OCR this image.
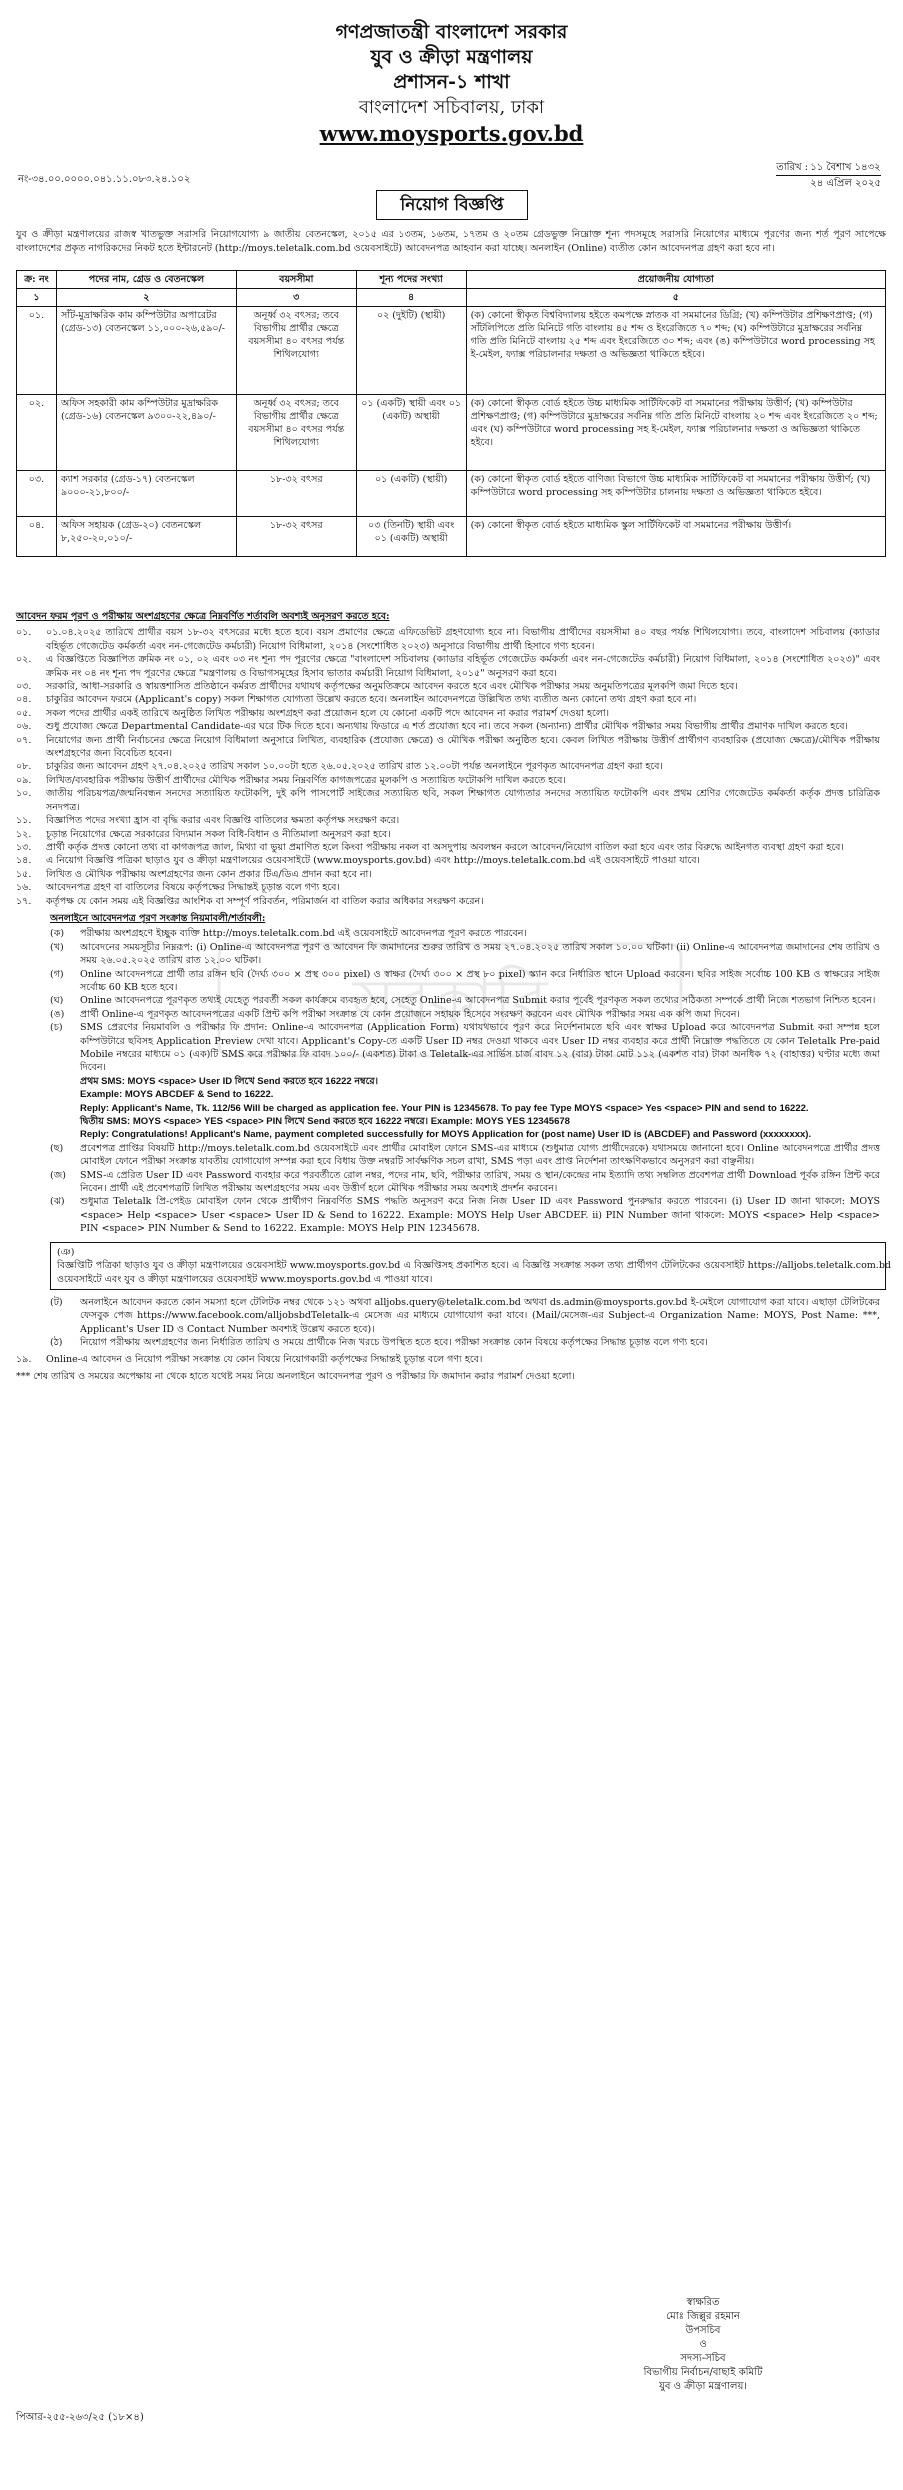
গণপ্রজাতন্ত্রী বাংলাদেশ সরকার
যুব ও ক্রীড়া মন্ত্রণালয়
প্রশাসন-১ শাখা
বাংলাদেশ সচিবালয়, ঢাকা
www.moysports.gov.bd
নং-৩৪.০০.০০০০.০৪১.১১.০৮৩.২৪.১০২
তারিখ : ১১ বৈশাখ ১৪৩২
২৪ এপ্রিল ২০২৫
নিয়োগ বিজ্ঞপ্তি
যুব ও ক্রীড়া মন্ত্রণালয়ের রাজস্ব খাতভুক্ত সরাসরি নিয়োগযোগ্য ৯ জাতীয় বেতনস্কেল, ২০১৫ এর ১৩তম, ১৬তম, ১৭তম ও ২০তম গ্রেডভুক্ত নিম্নোক্ত শূন্য পদসমূহে সরাসরি নিয়োগের মাধ্যমে পূরণের জন্য শর্ত পূরণ সাপেক্ষে বাংলাদেশের প্রকৃত নাগরিকদের নিকট হতে ইন্টারনেট (http://moys.teletalk.com.bd ওয়েবসাইটে) আবেদনপত্র আহবান করা যাচ্ছে। অনলাইন (Online) ব্যতীত কোন আবেদনপত্র গ্রহণ করা হবে না।
ক্র: নং	পদের নাম, গ্রেড ও বেতনস্কেল	বয়সসীমা	শূন্য পদের সংখ্যা	প্রয়োজনীয় যোগ্যতা
১	২	৩	৪	৫
০১.	সাঁট-মুদ্রাক্ষরিক কাম কম্পিউটার অপারেটর (গ্রেড-১৩) বেতনস্কেল ১১,০০০-২৬,৫৯০/-	অনূর্ধ্ব ৩২ বৎসর; তবে বিভাগীয় প্রার্থীর ক্ষেত্রে বয়সসীমা ৪০ বৎসর পর্যন্ত শিথিলযোগ্য	০২ (দুইটি) (স্থায়ী)	(ক) কোনো স্বীকৃত বিশ্ববিদ্যালয় হইতে কমপক্ষে স্নাতক বা সমমানের ডিগ্রি; (খ) কম্পিউটার প্রশিক্ষণপ্রাপ্ত; (গ) সাঁটলিপিতে প্রতি মিনিটে গতি বাংলায় ৪৫ শব্দ ও ইংরেজিতে ৭০ শব্দ; (ঘ) কম্পিউটারে মুদ্রাক্ষরের সর্বনিম্ন গতি প্রতি মিনিটে বাংলায় ২৫ শব্দ এবং ইংরেজিতে ৩০ শব্দ; এবং (ঙ) কম্পিউটারে word processing সহ ই-মেইল, ফ্যাক্স পরিচালনার দক্ষতা ও অভিজ্ঞতা থাকিতে হইবে।
০২.	অফিস সহকারী কাম কম্পিউটার মুদ্রাক্ষরিক (গ্রেড-১৬) বেতনস্কেল ৯৩০০-২২,৪৯০/-	অনূর্ধ্ব ৩২ বৎসর; তবে বিভাগীয় প্রার্থীর ক্ষেত্রে বয়সসীমা ৪০ বৎসর পর্যন্ত শিথিলযোগ্য	০১ (একটি) স্থায়ী এবং ০১ (একটি) অস্থায়ী	(ক) কোনো স্বীকৃত বোর্ড হইতে উচ্চ মাধ্যমিক সার্টিফিকেট বা সমমানের পরীক্ষায় উত্তীর্ণ; (খ) কম্পিউটার প্রশিক্ষণপ্রাপ্ত; (গ) কম্পিউটারে মুদ্রাক্ষরের সর্বনিম্ন গতি প্রতি মিনিটে বাংলায় ২০ শব্দ এবং ইংরেজিতে ২০ শব্দ; এবং (ঘ) কম্পিউটারে word processing সহ ই-মেইল, ফ্যাক্স পরিচালনার দক্ষতা ও অভিজ্ঞতা থাকিতে হইবে।
০৩.	ক্যাশ সরকার (গ্রেড-১৭) বেতনস্কেল ৯০০০-২১,৮০০/-	১৮-৩২ বৎসর	০১ (একটি) (স্থায়ী)	(ক) কোনো স্বীকৃত বোর্ড হইতে বাণিজ্য বিভাগে উচ্চ মাধ্যমিক সার্টিফিকেট বা সমমানের পরীক্ষায় উত্তীর্ণ; (খ) কম্পিউটারে word processing সহ কম্পিউটার চালনায় দক্ষতা ও অভিজ্ঞতা থাকিতে হইবে।
০৪.	অফিস সহায়ক (গ্রেড-২০) বেতনস্কেল ৮,২৫০-২০,০১০/-	১৮-৩২ বৎসর	০৩ (তিনটি) স্থায়ী এবং ০১ (একটি) অস্থায়ী	(ক) কোনো স্বীকৃত বোর্ড হইতে মাধ্যমিক স্কুল সার্টিফিকেট বা সমমানের পরীক্ষায় উত্তীর্ণ।
সরকারি

আবেদন ফরম পূরণ ও পরীক্ষায় অংশগ্রহণের ক্ষেত্রে নিম্নবর্ণিত শর্তাবলি অবশ্যই অনুসরণ করতে হবে:

০১. ০১.০৪.২০২৫ তারিখে প্রার্থীর বয়স ১৮-৩২ বৎসরের মধ্যে হতে হবে। বয়স প্রমাণের ক্ষেত্রে এফিডেভিট গ্রহণযোগ্য হবে না। বিভাগীয় প্রার্থীদের বয়সসীমা ৪০ বছর পর্যন্ত শিথিলযোগ্য। তবে, বাংলাদেশ সচিবালয় (ক্যাডার বহির্ভূত গেজেটেড কর্মকর্তা এবং নন-গেজেটেড কর্মচারী) নিয়োগ বিধিমালা, ২০১৪ (সংশোধিত ২০২৩) অনুসারে বিভাগীয় প্রার্থী হিসাবে গণ্য হবেন।

০২. এ বিজ্ঞপ্তিতে বিজ্ঞাপিত ক্রমিক নং ০১, ০২ এবং ০৩ নং শূন্য পদ পূরণের ক্ষেত্রে "বাংলাদেশ সচিবালয় (ক্যাডার বহির্ভূত গেজেটেড কর্মকর্তা এবং নন-গেজেটেড কর্মচারী) নিয়োগ বিধিমালা, ২০১৪ (সংশোধিত ২০২৩)" এবং ক্রমিক নং ০৪ নং শূন্য পদ পূরণের ক্ষেত্রে "মন্ত্রণালয় ও বিভাগসমূহের হিসাব ভাতার কর্মচারী নিয়োগ বিধিমালা, ২০১৫" অনুসরণ করা হবে।

০৩. সরকারি, আধা-সরকারি ও স্বায়ত্তশাসিত প্রতিষ্ঠানে কর্মরত প্রার্থীদের যথাযথ কর্তৃপক্ষের অনুমতিক্রমে আবেদন করতে হবে এবং মৌখিক পরীক্ষার সময় অনুমতিপত্রের মূলকপি জমা দিতে হবে।

০৪. চাকুরির আবেদন ফরমে (Applicant's copy) সকল শিক্ষাগত যোগ্যতা উল্লেখ করতে হবে। অনলাইন আবেদনপত্রে উল্লিখিত তথ্য ব্যতীত অন্য কোনো তথ্য গ্রহণ করা হবে না।

০৫. সকল পদের প্রার্থীর একই তারিখে অনুষ্ঠিত লিখিত পরীক্ষায় অংশগ্রহণ করা প্রয়োজন হলে যে কোনো একটি পদে আবেদন না করার পরামর্শ দেওয়া হলো।

০৬. শুধু প্রযোজ্য ক্ষেত্রে Departmental Candidate-এর ঘরে টিক দিতে হবে। অন্যথায় ফিডারে এ শর্ত প্রযোজ্য হবে না। তবে সকল (অন্যান্য) প্রার্থীর মৌখিক পরীক্ষার সময় বিভাগীয় প্রার্থীর প্রমাণক দাখিল করতে হবে।

০৭. নিয়োগের জন্য প্রার্থী নির্বাচনের ক্ষেত্রে নিয়োগ বিধিমালা অনুসারে লিখিত, ব্যবহারিক (প্রযোজ্য ক্ষেত্রে) ও মৌখিক পরীক্ষা অনুষ্ঠিত হবে। কেবল লিখিত পরীক্ষায় উত্তীর্ণ প্রার্থীগণ ব্যবহারিক (প্রযোজ্য ক্ষেত্রে)/মৌখিক পরীক্ষায় অংশগ্রহণের জন্য বিবেচিত হবেন।

০৮. চাকুরির জন্য আবেদন গ্রহণ ২৭.০৪.২০২৫ তারিখ সকাল ১০.০০টা হতে ২৬.০৫.২০২৫ তারিখ রাত ১২.০০টা পর্যন্ত অনলাইনে পূরণকৃত আবেদনপত্র গ্রহণ করা হবে।

০৯. লিখিত/ব্যবহারিক পরীক্ষায় উত্তীর্ণ প্রার্থীদের মৌখিক পরীক্ষার সময় নিম্নবর্ণিত কাগজপত্রের মূলকপি ও সত্যায়িত ফটোকপি দাখিল করতে হবে।

১০. জাতীয় পরিচয়পত্র/জন্মনিবন্ধন সনদের সত্যায়িত ফটোকপি, দুই কপি পাসপোর্ট সাইজের সত্যায়িত ছবি, সকল শিক্ষাগত যোগ্যতার সনদের সত্যায়িত ফটোকপি এবং প্রথম শ্রেণির গেজেটেড কর্মকর্তা কর্তৃক প্রদত্ত চারিত্রিক সনদপত্র।

১১. বিজ্ঞাপিত পদের সংখ্যা হ্রাস বা বৃদ্ধি করার এবং বিজ্ঞপ্তি বাতিলের ক্ষমতা কর্তৃপক্ষ সংরক্ষণ করে।

১২. চূড়ান্ত নিয়োগের ক্ষেত্রে সরকারের বিদ্যমান সকল বিধি-বিধান ও নীতিমালা অনুসরণ করা হবে।

১৩. প্রার্থী কর্তৃক প্রদত্ত কোনো তথ্য বা কাগজপত্র জাল, মিথ্যা বা ভুয়া প্রমাণিত হলে কিংবা পরীক্ষায় নকল বা অসদুপায় অবলম্বন করলে আবেদন/নিয়োগ বাতিল করা হবে এবং তার বিরুদ্ধে আইনগত ব্যবস্থা গ্রহণ করা হবে।

১৪. এ নিয়োগ বিজ্ঞপ্তি পত্রিকা ছাড়াও যুব ও ক্রীড়া মন্ত্রণালয়ের ওয়েবসাইটে (www.moysports.gov.bd) এবং http://moys.teletalk.com.bd এই ওয়েবসাইটে পাওয়া যাবে।

১৫. লিখিত ও মৌখিক পরীক্ষায় অংশগ্রহণের জন্য কোন প্রকার টিএ/ডিএ প্রদান করা হবে না।

১৬. আবেদনপত্র গ্রহণ বা বাতিলের বিষয়ে কর্তৃপক্ষের সিদ্ধান্তই চূড়ান্ত বলে গণ্য হবে।

১৭. কর্তৃপক্ষ যে কোন সময় এই বিজ্ঞপ্তির আংশিক বা সম্পূর্ণ পরিবর্তন, পরিমার্জন বা বাতিল করার অধিকার সংরক্ষণ করেন।

অনলাইনে আবেদনপত্র পূরণ সংক্রান্ত নিয়মাবলী/শর্তাবলী:

(ক) পরীক্ষায় অংশগ্রহণে ইচ্ছুক ব্যক্তি http://moys.teletalk.com.bd এই ওয়েবসাইটে আবেদনপত্র পূরণ করতে পারবেন।

(খ) আবেদনের সময়সূচীর নিম্নরূপ: (i) Online-এ আবেদনপত্র পূরণ ও আবেদন ফি জমাদানের শুরুর তারিখ ও সময় ২৭.০৪.২০২৫ তারিখ সকাল ১০.০০ ঘটিকা। (ii) Online-এ আবেদনপত্র জমাদানের শেষ তারিখ ও সময় ২৬.০৫.২০২৫ তারিখ রাত ১২.০০ ঘটিকা।

(গ) Online আবেদনপত্রে প্রার্থী তার রঙ্গিন ছবি (দৈর্ঘ্য ৩০০ × প্রস্থ ৩০০ pixel) ও স্বাক্ষর (দৈর্ঘ্য ৩০০ × প্রস্থ ৮০ pixel) স্ক্যান করে নির্ধারিত স্থানে Upload করবেন। ছবির সাইজ সর্বোচ্চ 100 KB ও স্বাক্ষরের সাইজ সর্বোচ্চ 60 KB হতে হবে।

(ঘ) Online আবেদনপত্রে পূরণকৃত তথ্যই যেহেতু পরবর্তী সকল কার্যক্রমে ব্যবহৃত হবে, সেহেতু Online-এ আবেদনপত্র Submit করার পূর্বেই পূরণকৃত সকল তথ্যের সঠিকতা সম্পর্কে প্রার্থী নিজে শতভাগ নিশ্চিত হবেন।

(ঙ) প্রার্থী Online-এ পূরণকৃত আবেদনপত্রের একটি প্রিন্ট কপি পরীক্ষা সংক্রান্ত যে কোন প্রয়োজনে সহায়ক হিসেবে সংরক্ষণ করবেন এবং মৌখিক পরীক্ষার সময় এক কপি জমা দিবেন।

(চ) SMS প্রেরণের নিয়মাবলি ও পরীক্ষার ফি প্রদান: Online-এ আবেদনপত্র (Application Form) যথাযথভাবে পূরণ করে নির্দেশনামতে ছবি এবং স্বাক্ষর Upload করে আবেদনপত্র Submit করা সম্পন্ন হলে কম্পিউটারে ছবিসহ Application Preview দেখা যাবে। Applicant's Copy-তে একটি User ID নম্বর দেওয়া থাকবে এবং User ID নম্বর ব্যবহার করে প্রার্থী নিম্নোক্ত পদ্ধতিতে যে কোন Teletalk Pre-paid Mobile নম্বরের মাধ্যমে ০১ (এক)টি SMS করে পরীক্ষার ফি বাবদ ১০০/- (একশত) টাকা ও Teletalk-এর সার্ভিস চার্জ বাবদ ১২ (বার) টাকা মোট ১১২ (একশত বার) টাকা অনধিক ৭২ (বাহাত্তর) ঘণ্টার মধ্যে জমা দিবেন।

প্রথম SMS: MOYS <space> User ID লিখে Send করতে হবে 16222 নম্বরে।

Example: MOYS ABCDEF & Send to 16222.

Reply: Applicant's Name, Tk. 112/56 Will be charged as application fee. Your PIN is 12345678. To pay fee Type MOYS <space> Yes <space> PIN and send to 16222.

দ্বিতীয় SMS: MOYS <space> YES <space> PIN লিখে Send করতে হবে 16222 নম্বরে। Example: MOYS YES 12345678

Reply: Congratulations! Applicant's Name, payment completed successfully for MOYS Application for (post name) User ID is (ABCDEF) and Password (xxxxxxxx).

(ছ) প্রবেশপত্র প্রাপ্তির বিষয়টি http://moys.teletalk.com.bd ওয়েবসাইটে এবং প্রার্থীর মোবাইল ফোনে SMS-এর মাধ্যমে (শুধুমাত্র যোগ্য প্রার্থীদেরকে) যথাসময়ে জানানো হবে। Online আবেদনপত্রে প্রার্থীর প্রদত্ত মোবাইল ফোনে পরীক্ষা সংক্রান্ত যাবতীয় যোগাযোগ সম্পন্ন করা হবে বিধায় উক্ত নম্বরটি সার্বক্ষণিক সচল রাখা, SMS পড়া এবং প্রাপ্ত নির্দেশনা তাৎক্ষণিকভাবে অনুসরণ করা বাঞ্ছনীয়।

(জ) SMS-এ প্রেরিত User ID এবং Password ব্যবহার করে পরবর্তীতে রোল নম্বর, পদের নাম, ছবি, পরীক্ষার তারিখ, সময় ও স্থান/কেন্দ্রের নাম ইত্যাদি তথ্য সম্বলিত প্রবেশপত্র প্রার্থী Download পূর্বক রঙ্গিন প্রিন্ট করে নিবেন। প্রার্থী এই প্রবেশপত্রটি লিখিত পরীক্ষায় অংশগ্রহণের সময় এবং উত্তীর্ণ হলে মৌখিক পরীক্ষার সময় অবশ্যই প্রদর্শন করবেন।

(ঝ) শুধুমাত্র Teletalk প্রি-পেইড মোবাইল ফোন থেকে প্রার্থীগণ নিম্নবর্ণিত SMS পদ্ধতি অনুসরণ করে নিজ নিজ User ID এবং Password পুনরুদ্ধার করতে পারবেন। (i) User ID জানা থাকলে: MOYS <space> Help <space> User <space> User ID & Send to 16222. Example: MOYS Help User ABCDEF. ii) PIN Number জানা থাকলে: MOYS <space> Help <space> PIN <space> PIN Number & Send to 16222. Example: MOYS Help PIN 12345678.

(ঞ)বিজ্ঞপ্তিটি পত্রিকা ছাড়াও যুব ও ক্রীড়া মন্ত্রণালয়ের ওয়েবসাইট www.moysports.gov.bd এ বিজ্ঞপ্তিসহ প্রকাশিত হবে। এ বিজ্ঞপ্তি সংক্রান্ত সকল তথ্য প্রার্থীগণ টেলিটকের ওয়েবসাইট https://alljobs.teletalk.com.bd ওয়েবসাইটে এবং যুব ও ক্রীড়া মন্ত্রণালয়ের ওয়েবসাইট www.moysports.gov.bd এ পাওয়া যাবে।

(ট) অনলাইনে আবেদন করতে কোন সমস্যা হলে টেলিটক নম্বর থেকে ১২১ অথবা alljobs.query@teletalk.com.bd অথবা ds.admin@moysports.gov.bd ই-মেইলে যোগাযোগ করা যাবে। এছাড়া টেলিটকের ফেসবুক পেজ https://www.facebook.com/alljobsbdTeletalk-এ মেসেজ এর মাধ্যমে যোগাযোগ করা যাবে। (Mail/মেসেজ-এর Subject-এ Organization Name: MOYS, Post Name: ***, Applicant's User ID ও Contact Number অবশ্যই উল্লেখ করতে হবে)।

(ঠ) নিয়োগ পরীক্ষায় অংশগ্রহণের জন্য নির্ধারিত তারিখ ও সময়ে প্রার্থীকে নিজ খরচে উপস্থিত হতে হবে। পরীক্ষা সংক্রান্ত কোন বিষয়ে কর্তৃপক্ষের সিদ্ধান্ত চূড়ান্ত বলে গণ্য হবে।

১৯. Online-এ আবেদন ও নিয়োগ পরীক্ষা সংক্রান্ত যে কোন বিষয়ে নিয়োগকারী কর্তৃপক্ষের সিদ্ধান্তই চূড়ান্ত বলে গণ্য হবে।

*** শেষ তারিখ ও সময়ের অপেক্ষায় না থেকে হাতে যথেষ্ট সময় নিয়ে অনলাইনে আবেদনপত্র পূরণ ও পরীক্ষার ফি জমাদান করার পরামর্শ দেওয়া হলো।

স্বাক্ষরিত
মোঃ জিল্লুর রহমান
উপসচিব
ও
সদস্য-সচিব
বিভাগীয় নির্বাচন/বাছাই কমিটি
যুব ও ক্রীড়া মন্ত্রণালয়।
পিআর-২৫৫-২৬৩/২৫ (১৮×৪)
